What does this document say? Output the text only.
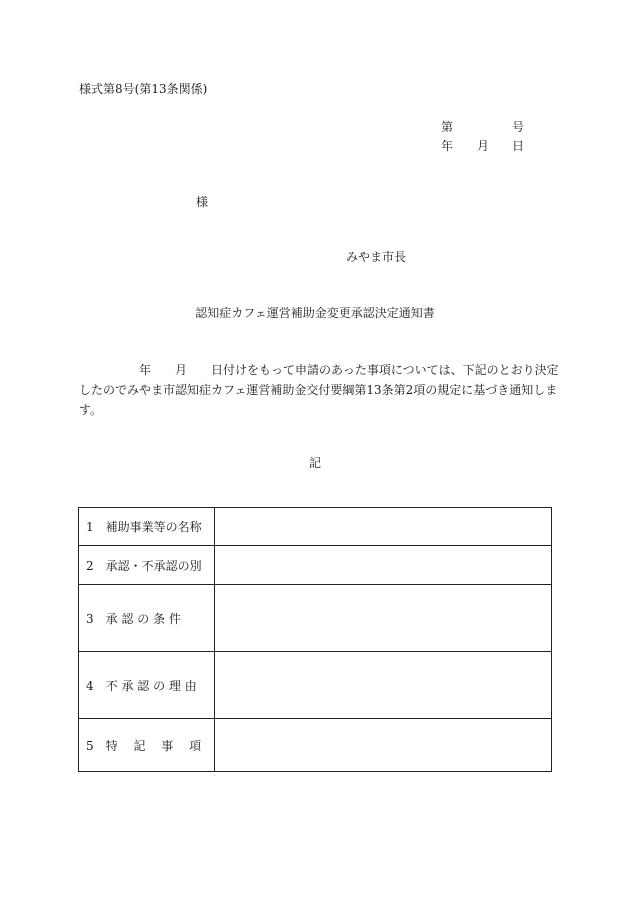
様式第8号(第13条関係)
第	号
年 月 日
様
みやま市長
認知症カフェ運営補助金変更承認決定通知書
　　　　　年　　月　　日付けをもって申請のあった事項については、下記のとおり決定
したのでみやま市認知症カフェ運営補助金交付要綱第13条第2項の規定に基づき通知しま
す。
記
1　補助事業等の名称	
2　承認・不承認の別	
3　承 認 の 条 件	
4　不 承 認 の 理 由	
5　特　 記　 事　 項	
